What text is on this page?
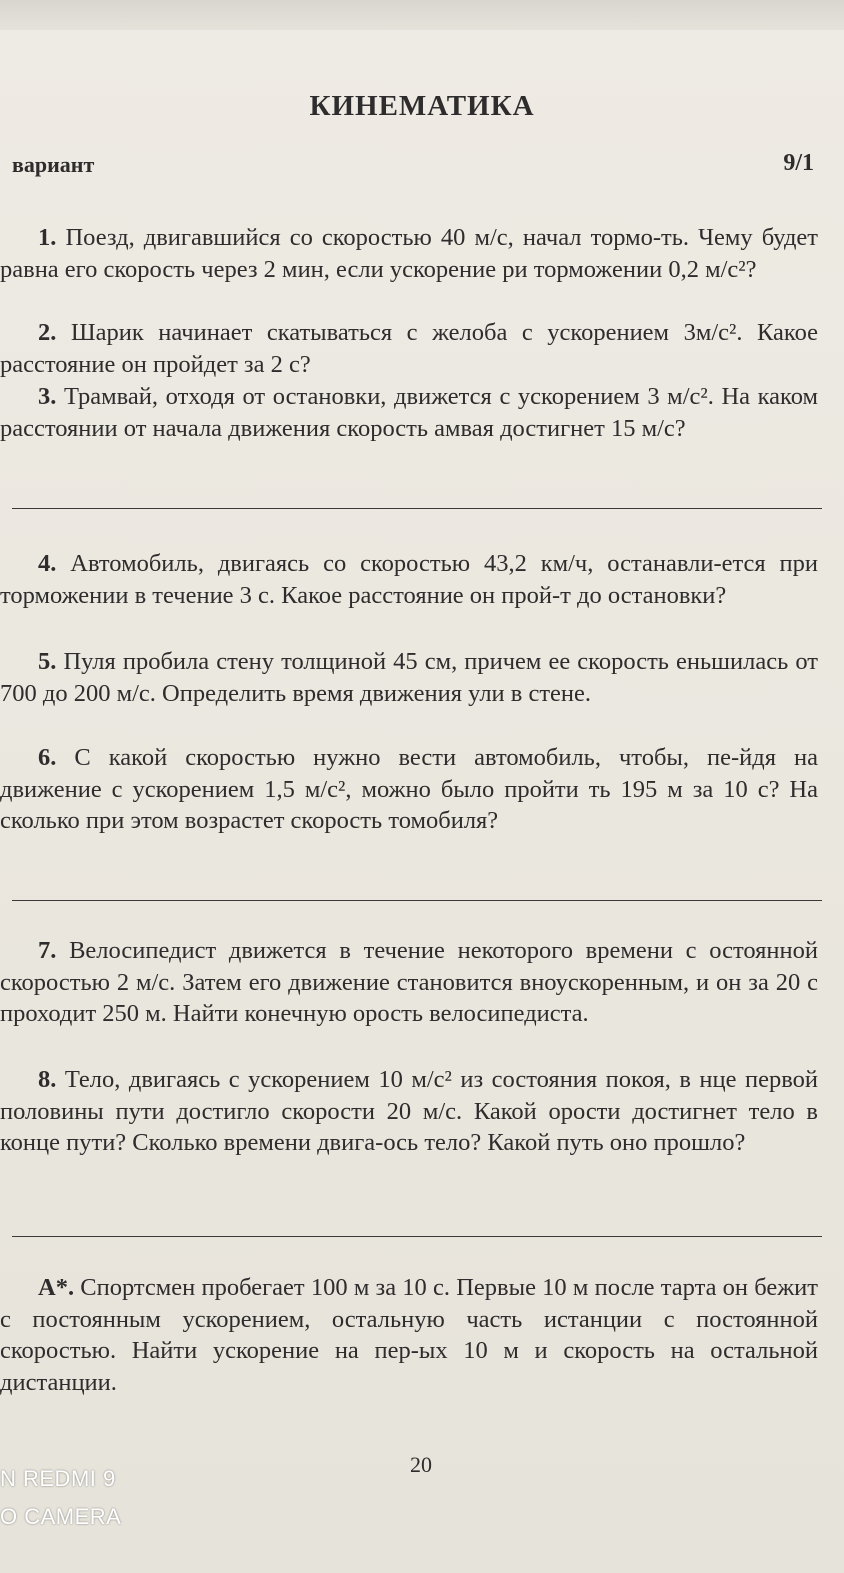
КИНЕМАТИКА
вариант	9/1

1. Поезд, двигавшийся со скоростью 40 м/с, начал тормо-ть. Чему будет равна его скорость через 2 мин, если ускорение ри торможении 0,2 м/с²?

2. Шарик начинает скатываться с желоба с ускорением 3м/с². Какое расстояние он пройдет за 2 с?

3. Трамвай, отходя от остановки, движется с ускорением 3 м/с². На каком расстоянии от начала движения скорость амвая достигнет 15 м/с?

4. Автомобиль, двигаясь со скоростью 43,2 км/ч, останавли-ется при торможении в течение 3 с. Какое расстояние он прой-т до остановки?

5. Пуля пробила стену толщиной 45 см, причем ее скорость еньшилась от 700 до 200 м/с. Определить время движения ули в стене.

6. С какой скоростью нужно вести автомобиль, чтобы, пе-йдя на движение с ускорением 1,5 м/с², можно было пройти ть 195 м за 10 с? На сколько при этом возрастет скорость томобиля?

7. Велосипедист движется в течение некоторого времени с остоянной скоростью 2 м/с. Затем его движение становится вноускоренным, и он за 20 с проходит 250 м. Найти конечную орость велосипедиста.

8. Тело, двигаясь с ускорением 10 м/с² из состояния покоя, в нце первой половины пути достигло скорости 20 м/с. Какой орости достигнет тело в конце пути? Сколько времени двига-ось тело? Какой путь оно прошло?

А*. Спортсмен пробегает 100 м за 10 с. Первые 10 м после тарта он бежит с постоянным ускорением, остальную часть истанции с постоянной скоростью. Найти ускорение на пер-ых 10 м и скорость на остальной дистанции.

20
N REDMI 9
O CAMERA
